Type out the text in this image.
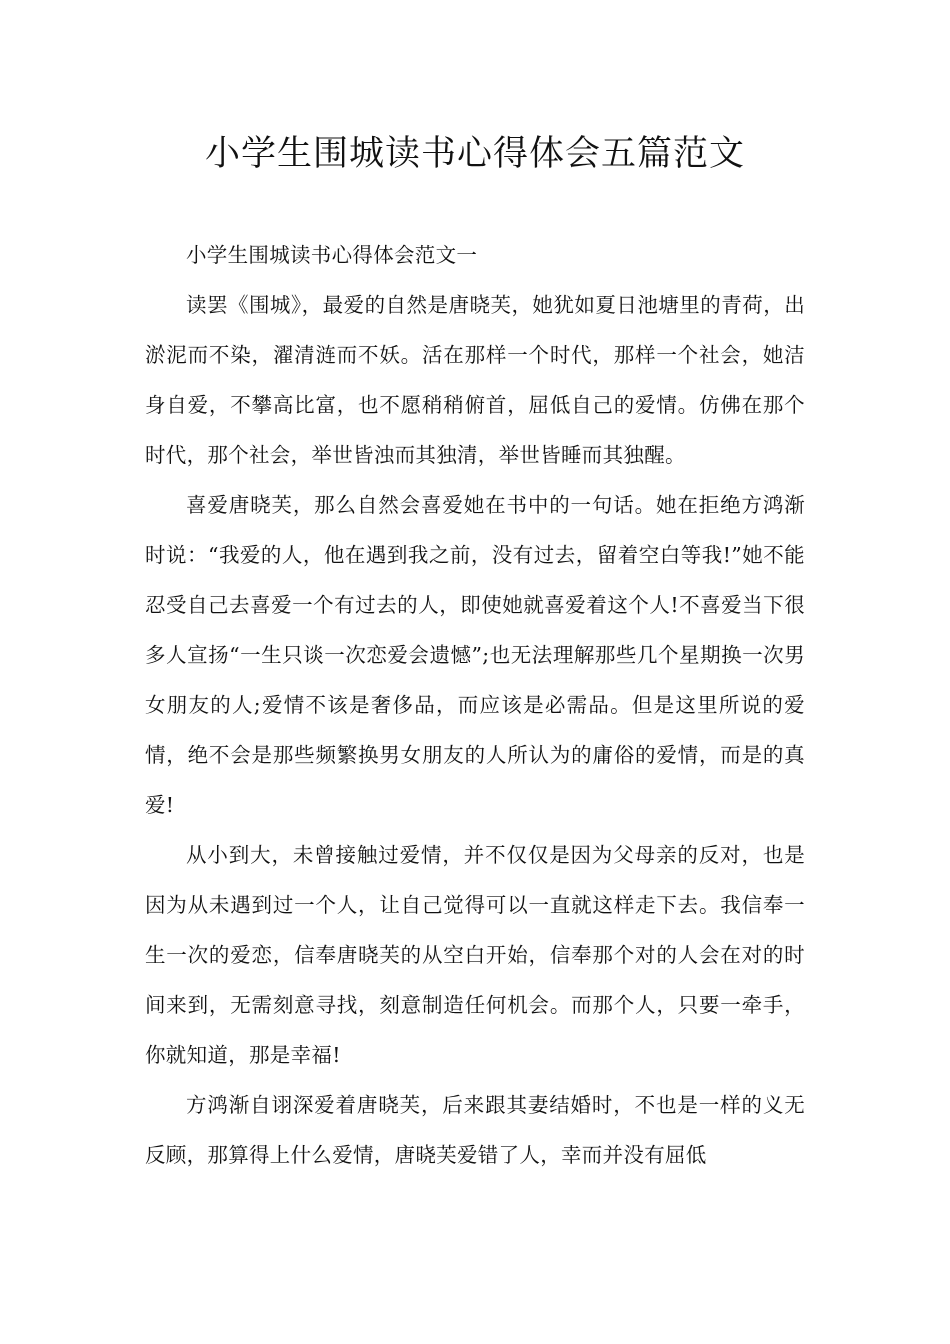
小学生围城读书心得体会五篇范文

小学生围城读书心得体会范文一

读罢《围城》，最爱的自然是唐晓芙，她犹如夏日池塘里的青荷，出淤泥而不染，濯清涟而不妖。活在那样一个时代，那样一个社会，她洁身自爱，不攀高比富，也不愿稍稍俯首，屈低自己的爱情。仿佛在那个时代，那个社会，举世皆浊而其独清，举世皆睡而其独醒。

喜爱唐晓芙，那么自然会喜爱她在书中的一句话。她在拒绝方鸿渐时说：“我爱的人，他在遇到我之前，没有过去，留着空白等我!”她不能忍受自己去喜爱一个有过去的人，即使她就喜爱着这个人!不喜爱当下很多人宣扬“一生只谈一次恋爱会遗憾”;也无法理解那些几个星期换一次男女朋友的人;爱情不该是奢侈品，而应该是必需品。但是这里所说的爱情，绝不会是那些频繁换男女朋友的人所认为的庸俗的爱情，而是的真爱!

从小到大，未曾接触过爱情，并不仅仅是因为父母亲的反对，也是因为从未遇到过一个人，让自己觉得可以一直就这样走下去。我信奉一生一次的爱恋，信奉唐晓芙的从空白开始，信奉那个对的人会在对的时间来到，无需刻意寻找，刻意制造任何机会。而那个人，只要一牵手，你就知道，那是幸福!

方鸿渐自诩深爱着唐晓芙，后来跟其妻结婚时，不也是一样的义无反顾，那算得上什么爱情，唐晓芙爱错了人，幸而并没有屈低
